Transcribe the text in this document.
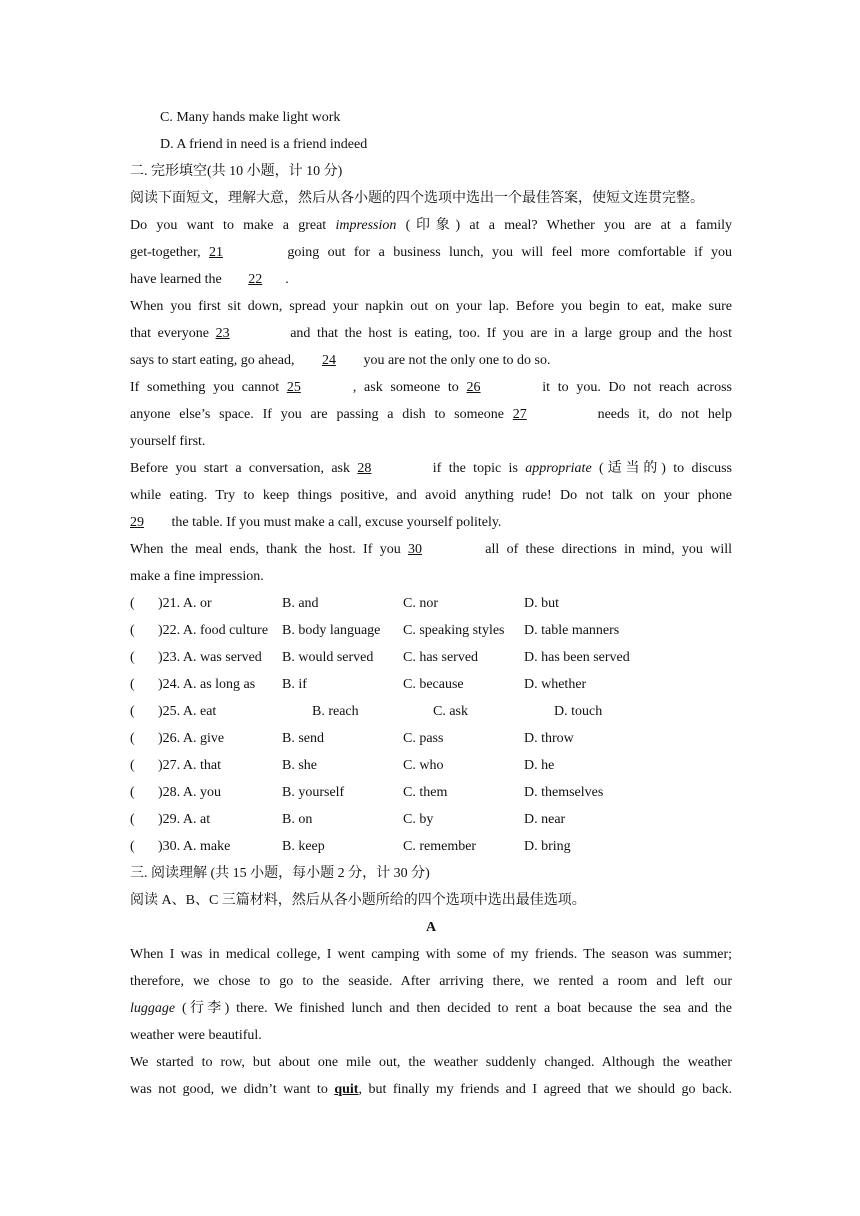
C. Many hands make light work
D. A friend in need is a friend indeed
二. 完形填空(共 10 小题，计 10 分)
阅读下面短文，理解大意，然后从各小题的四个选项中选出一个最佳答案，使短文连贯完整。
Do you want to make a great impression (印象) at a meal? Whether you are at a family
get-together, 21	going out for a business lunch, you will feel more comfortable if you
have learned the 22 .
When you first sit down, spread your napkin out on your lap. Before you begin to eat, make sure
that everyone 23	and that the host is eating, too. If you are in a large group and the host
says to start eating, go ahead, 24 you are not the only one to do so.
If something you cannot 25	, ask someone to 26	it to you. Do not reach across
anyone else’s space. If you are passing a dish to someone 27	needs it, do not help
yourself first.
Before you start a conversation, ask 28	if the topic is appropriate (适当的) to discuss
while eating. Try to keep things positive, and avoid anything rude! Do not talk on your phone
29 the table. If you must make a call, excuse yourself politely.
When the meal ends, thank the host. If you 30	all of these directions in mind, you will
make a fine impression.
(	)21. A. or	B. and	C. nor	D. but
(	)22. A. food culture B. body language	C. speaking styles	D. table manners
(	)23. A. was served	B. would served	C. has served	D. has been served
(	)24. A. as long as	B. if	C. because	D. whether
(	)25. A. eat	B. reach	C. ask	D. touch
(	)26. A. give	B. send	C. pass	D. throw
(	)27. A. that	B. she	C. who	D. he
(	)28. A. you	B. yourself	C. them	D. themselves
(	)29. A. at	B. on	C. by	D. near
(	)30. A. make	B. keep	C. remember	D. bring
三. 阅读理解 (共 15 小题，每小题 2 分，计 30 分)
阅读 A、B、C 三篇材料，然后从各小题所给的四个选项中选出最佳选项。
A
When I was in medical college, I went camping with some of my friends. The season was summer;
therefore, we chose to go to the seaside. After arriving there, we rented a room and left our
luggage (行李) there. We finished lunch and then decided to rent a boat because the sea and the
weather were beautiful.
We started to row, but about one mile out, the weather suddenly changed. Although the weather
was not good, we didn’t want to quit, but finally my friends and I agreed that we should go back.
